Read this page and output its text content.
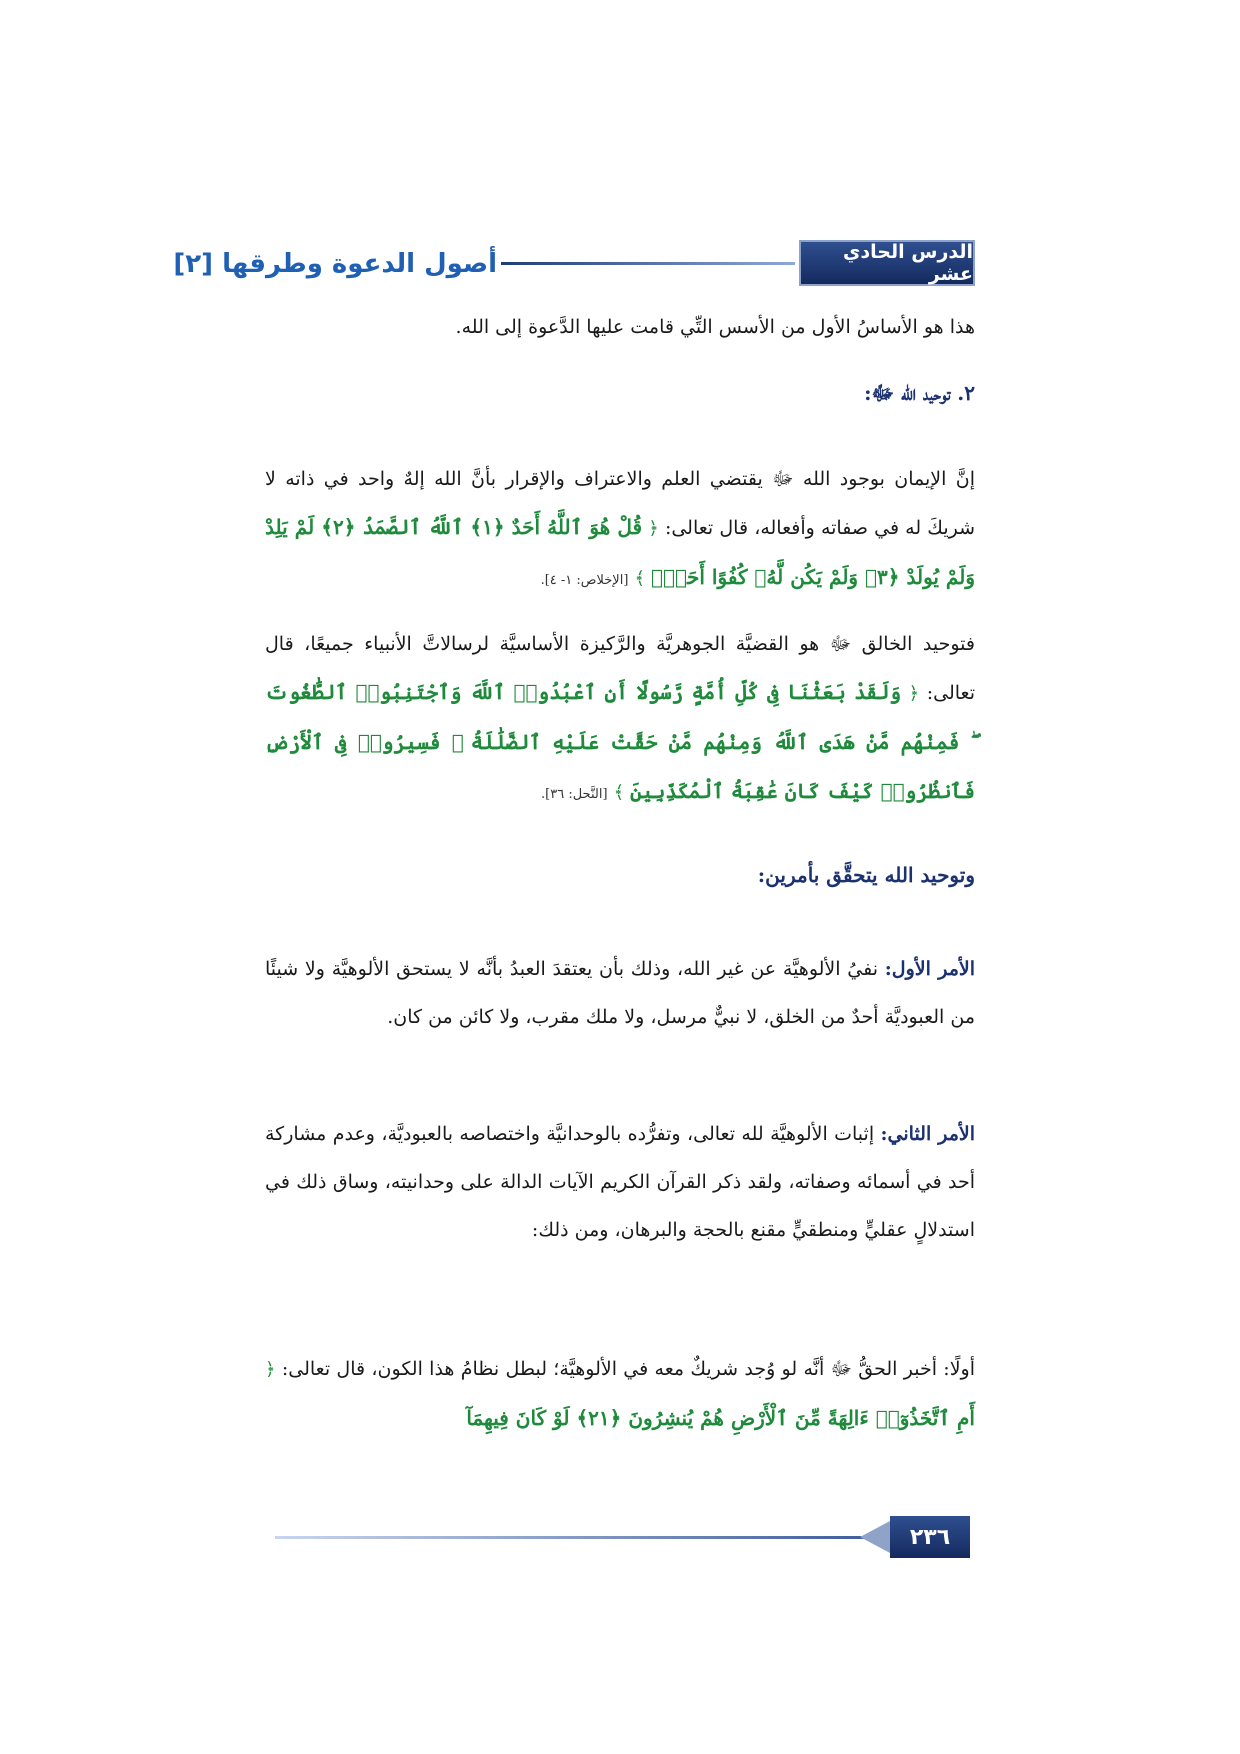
الدرس الحادي عشر
أصول الدعوة وطرقها [٢]

هذا هو الأساسُ الأول من الأسس التِّي قامت عليها الدَّعوة إلى الله.

٢. توحيد الله ﷻ:

إنَّ الإيمان بوجود الله ﷻ يقتضي العلم والاعتراف والإقرار بأنَّ الله إلهٌ واحد في ذاته لا شريكَ له في صفاته وأفعاله، قال تعالى: ﴿ قُلْ هُوَ ٱللَّهُ أَحَدٌ ﴿١﴾ ٱللَّهُ ٱلصَّمَدُ ﴿٢﴾ لَمْ يَلِدْ وَلَمْ يُولَدْ ﴿٣﴾ وَلَمْ يَكُن لَّهُۥ كُفُوًا أَحَدٌۢ ﴾ [الإخلاص: ١- ٤].

فتوحيد الخالق ﷻ هو القضيَّة الجوهريَّة والرَّكيزة الأساسيَّة لرسالاتَّ الأنبياء جميعًا، قال تعالى: ﴿ وَلَقَدْ بَعَثْنَا فِى كُلِّ أُمَّةٍ رَّسُولًا أَنِ ٱعْبُدُوا۟ ٱللَّهَ وَٱجْتَنِبُوا۟ ٱلطَّٰغُوتَ ۖ فَمِنْهُم مَّنْ هَدَى ٱللَّهُ وَمِنْهُم مَّنْ حَقَّتْ عَلَيْهِ ٱلضَّلَٰلَةُ ۚ فَسِيرُوا۟ فِى ٱلْأَرْضِ فَٱنظُرُوا۟ كَيْفَ كَانَ عَٰقِبَةُ ٱلْمُكَذِّبِينَ ﴾ [النَّحل: ٣٦].

وتوحيد الله يتحقَّق بأمرين:

الأمر الأول: نفيُ الألوهيَّة عن غير الله، وذلك بأن يعتقدَ العبدُ بأنَّه لا يستحق الألوهيَّة ولا شيئًا من العبوديَّة أحدٌ من الخلق، لا نبيٌّ مرسل، ولا ملك مقرب، ولا كائن من كان.

الأمر الثاني: إثبات الألوهيَّة لله تعالى، وتفرُّده بالوحدانيَّة واختصاصه بالعبوديَّة، وعدم مشاركة أحد في أسمائه وصفاته، ولقد ذكر القرآن الكريم الآيات الدالة على وحدانيته، وساق ذلك في استدلالٍ عقليٍّ ومنطقيٍّ مقنع بالحجة والبرهان، ومن ذلك:

أولًا: أخبر الحقُّ ﷻ أنَّه لو وُجد شريكٌ معه في الألوهيَّة؛ لبطل نظامُ هذا الكون، قال تعالى: ﴿ أَمِ ٱتَّخَذُوٓا۟ ءَالِهَةً مِّنَ ٱلْأَرْضِ هُمْ يُنشِرُونَ ﴿٢١﴾ لَوْ كَانَ فِيهِمَآ

٢٣٦
